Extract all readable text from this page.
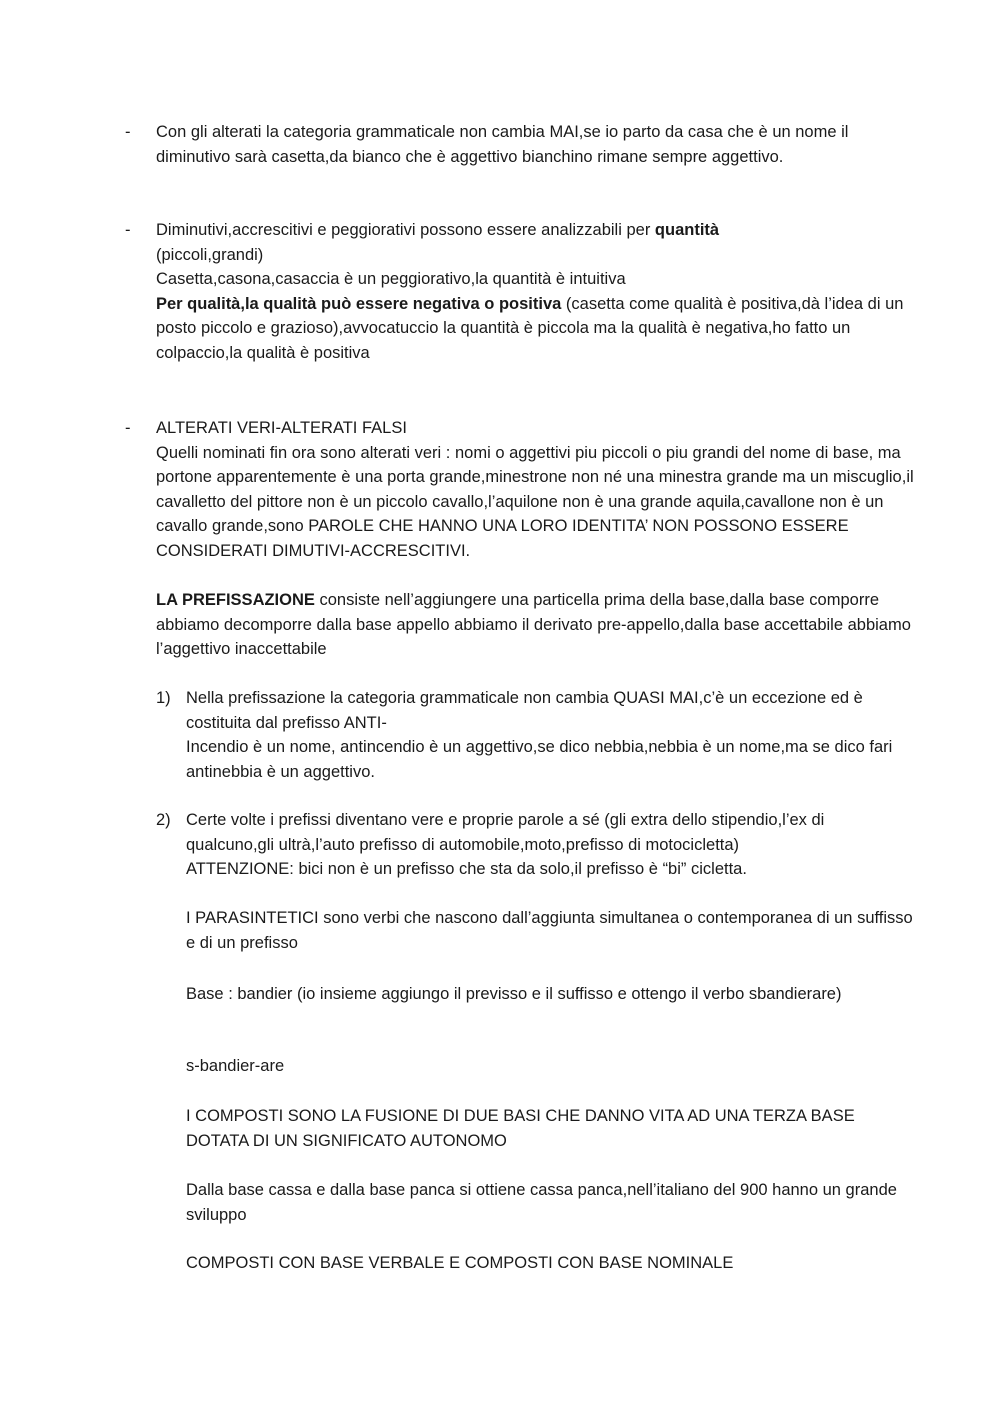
-	Con gli alterati la categoria grammaticale non cambia MAI,se io parto da casa che è un nome il diminutivo sarà casetta,da bianco che è aggettivo bianchino rimane sempre aggettivo.

-	Diminutivi,accrescitivi e peggiorativi possono essere analizzabili per quantità

(piccoli,grandi)

Casetta,casona,casaccia è un peggiorativo,la quantità è intuitiva

Per qualità,la qualità può essere negativa o positiva (casetta come qualità è positiva,dà l’idea di un posto piccolo e grazioso),avvocatuccio la quantità è piccola ma la qualità è negativa,ho fatto un colpaccio,la qualità è positiva

-	ALTERATI VERI-ALTERATI FALSI

Quelli nominati fin ora sono alterati veri : nomi o aggettivi piu piccoli o piu grandi del nome di base, ma portone apparentemente è una porta grande,minestrone non né una minestra grande ma un miscuglio,il cavalletto del pittore non è un piccolo cavallo,l’aquilone non è una grande aquila,cavallone non è un cavallo grande,sono PAROLE CHE HANNO UNA LORO IDENTITA’ NON POSSONO ESSERE CONSIDERATI DIMUTIVI-ACCRESCITIVI.

LA PREFISSAZIONE consiste nell’aggiungere una particella prima della base,dalla base comporre abbiamo decomporre dalla base appello abbiamo il derivato pre-appello,dalla base accettabile abbiamo l’aggettivo inaccettabile

1) Nella prefissazione la categoria grammaticale non cambia QUASI MAI,c’è un eccezione ed è costituita dal prefisso ANTI-

Incendio è un nome, antincendio è un aggettivo,se dico nebbia,nebbia è un nome,ma se dico fari antinebbia è un aggettivo.

2) Certe volte i prefissi diventano vere e proprie parole a sé (gli extra dello stipendio,l’ex di qualcuno,gli ultrà,l’auto prefisso di automobile,moto,prefisso di motocicletta)

ATTENZIONE: bici non è un prefisso che sta da solo,il prefisso è “bi” cicletta.

I PARASINTETICI sono verbi che nascono dall’aggiunta simultanea o contemporanea di un suffisso e di un prefisso

Base : bandier (io insieme aggiungo il previsso e il suffisso e ottengo il verbo sbandierare)

s-bandier-are

I COMPOSTI SONO LA FUSIONE DI DUE BASI CHE DANNO VITA AD UNA TERZA BASE DOTATA DI UN SIGNIFICATO AUTONOMO

Dalla base cassa e dalla base panca si ottiene cassa panca,nell’italiano del 900 hanno un grande sviluppo

COMPOSTI CON BASE VERBALE E COMPOSTI CON BASE NOMINALE
